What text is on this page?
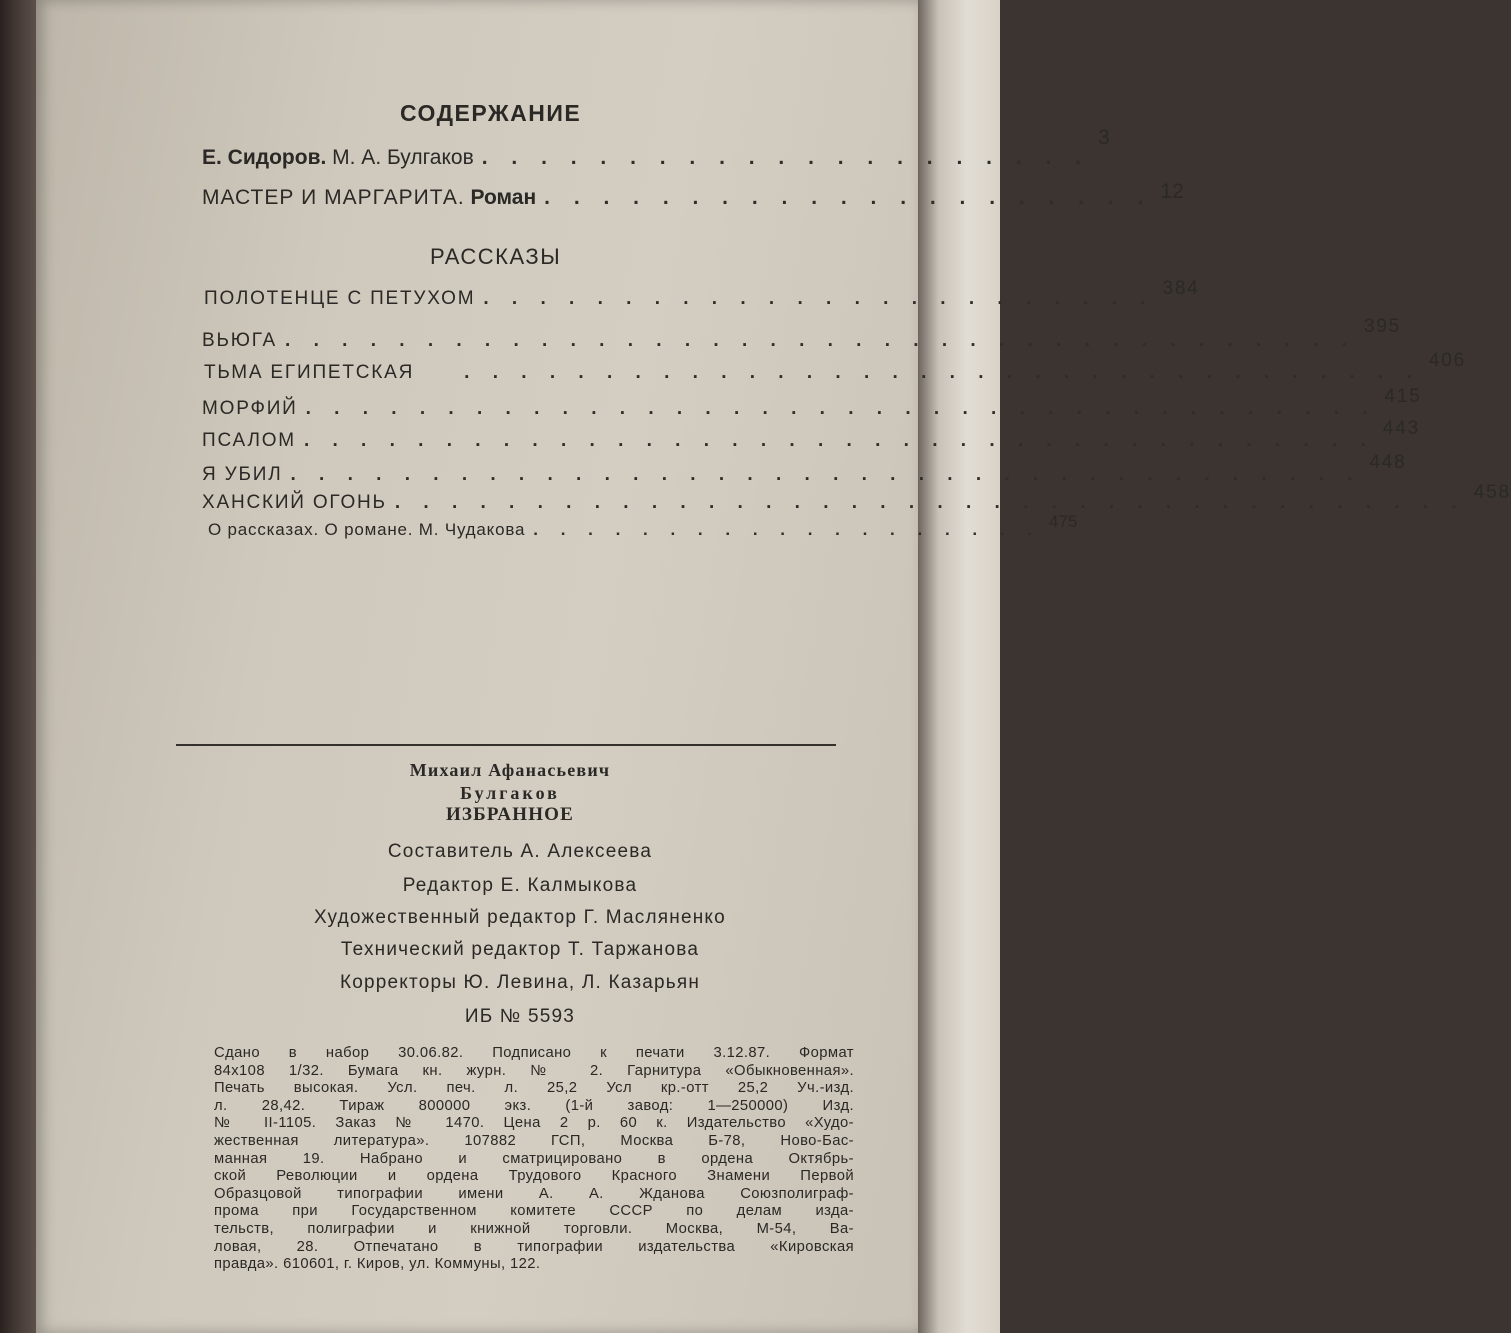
СОДЕРЖАНИЕ
Е. Сидоров. М. А. Булгаков . . . . . . . . . . . . . . . . . . . . .
3
МАСТЕР И МАРГАРИТА. Роман . . . . . . . . . . . . . . . . . . . . . 12
РАССКАЗЫ
ПОЛОТЕНЦЕ С ПЕТУХОМ . . . . . . . . . . . . . . . . . . . . . . . . 384
ВЬЮГА . . . . . . . . . . . . . . . . . . . . . . . . . . . . . . . . . . . . . .
395
ТЬМА ЕГИПЕТСКАЯ	. . . . . . . . . . . . . . . . . . . . . . . . . . . . . . . . . .
406
МОРФИЙ . . . . . . . . . . . . . . . . . . . . . . . . . . . . . . . . . . . . . .
415
ПСАЛОМ . . . . . . . . . . . . . . . . . . . . . . . . . . . . . . . . . . . . . .
443
Я УБИЛ . . . . . . . . . . . . . . . . . . . . . . . . . . . . . . . . . . . . . .
448
ХАНСКИЙ ОГОНЬ . . . . . . . . . . . . . . . . . . . . . . . . . . . . . . . . . . . . . . 458
О рассказах. О романе. М. Чудакова . . . . . . . . . . . . . . . . . . . 475
Михаил Афанасьевич
Булгаков
ИЗБРАННОЕ
Составитель А. Алексеева
Редактор Е. Калмыкова
Художественный редактор Г. Масляненко
Технический редактор Т. Таржанова
Корректоры Ю. Левина, Л. Казарьян
ИБ № 5593
Сдано в набор 30.06.82. Подписано к печати 3.12.87. Формат
84х108 1/32. Бумага кн. журн. № 2. Гарнитура «Обыкновенная».
Печать высокая. Усл. печ. л. 25,2 Усл кр.-отт 25,2 Уч.-изд.
л. 28,42. Тираж 800000 экз. (1-й завод: 1—250000) Изд.
№ II-1105. Заказ № 1470. Цена 2 р. 60 к. Издательство «Худо-
жественная литература». 107882 ГСП, Москва Б-78, Ново-Бас-
манная 19. Набрано и сматрицировано в ордена Октябрь-
ской Революции и ордена Трудового Красного Знамени Первой
Образцовой типографии имени А. А. Жданова Союзполиграф-
прома при Государственном комитете СССР по делам изда-
тельств, полиграфии и книжной торговли. Москва, М-54, Ва-
ловая, 28. Отпечатано в типографии издательства «Кировская
правда». 610601, г. Киров, ул. Коммуны, 122.
